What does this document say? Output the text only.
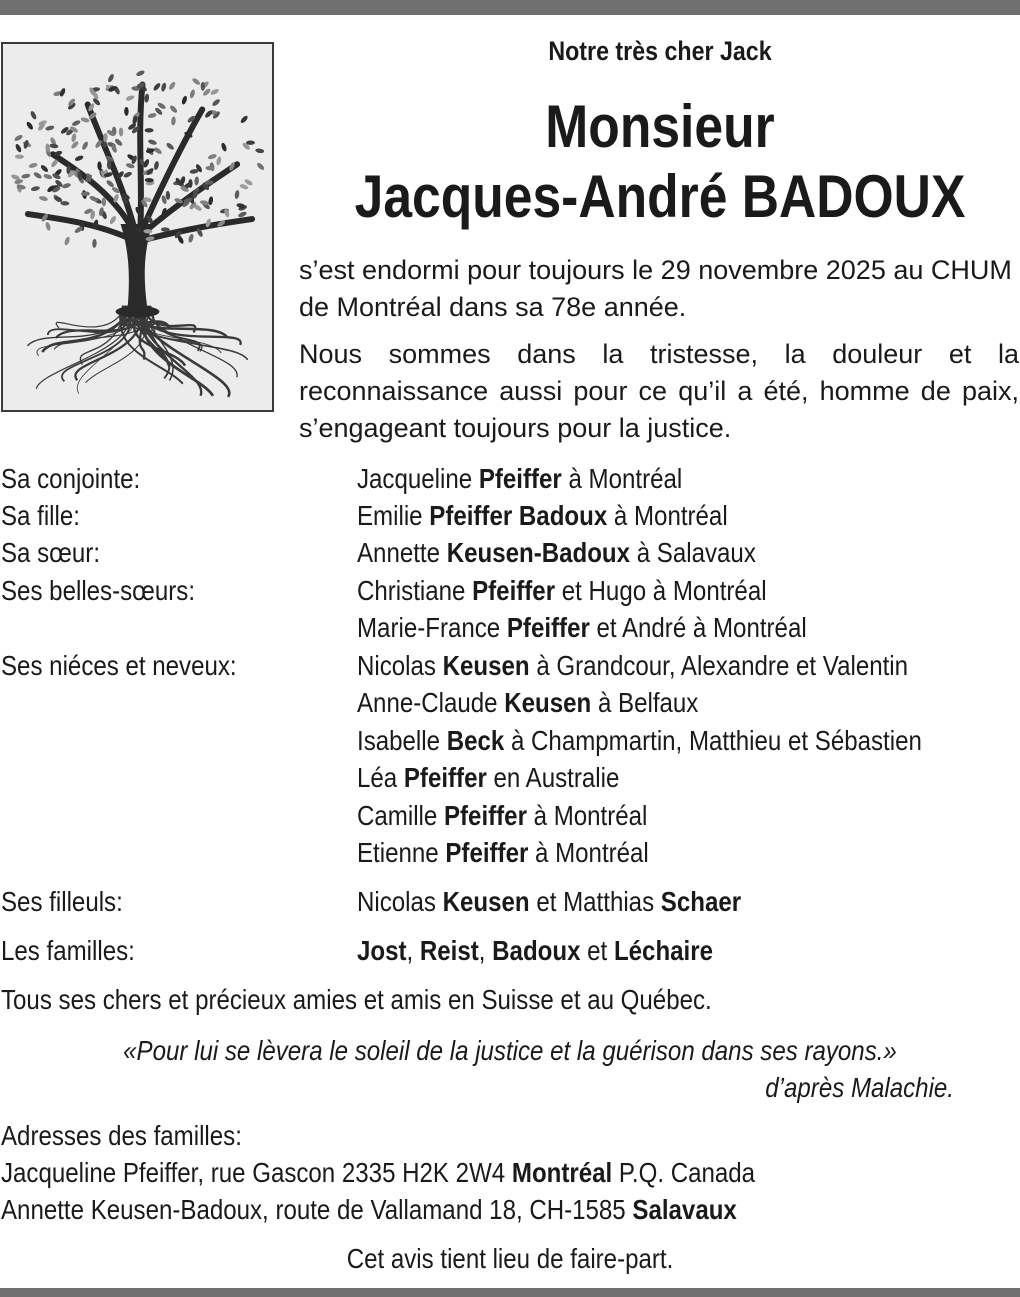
Notre très cher Jack
Monsieur
Jacques-André BADOUX
s’est endormi pour toujours le 29 novembre 2025 au CHUM
de Montréal dans sa 78e année.
Nous sommes dans la tristesse, la douleur et la
reconnaissance aussi pour ce qu’il a été, homme de paix,
s’engageant toujours pour la justice.
Sa conjointe:	Jacqueline Pfeiffer à Montréal
Sa fille:	Emilie Pfeiffer Badoux à Montréal
Sa sœur:	Annette Keusen-Badoux à Salavaux
Ses belles-sœurs:	Christiane Pfeiffer et Hugo à Montréal
Marie-France Pfeiffer et André à Montréal
Ses niéces et neveux:	Nicolas Keusen à Grandcour, Alexandre et Valentin
Anne-Claude Keusen à Belfaux
Isabelle Beck à Champmartin, Matthieu et Sébastien
Léa Pfeiffer en Australie
Camille Pfeiffer à Montréal
Etienne Pfeiffer à Montréal
Ses filleuls:	Nicolas Keusen et Matthias Schaer
Les familles:	Jost, Reist, Badoux et Léchaire
Tous ses chers et précieux amies et amis en Suisse et au Québec.
«Pour lui se lèvera le soleil de la justice et la guérison dans ses rayons.»
d’après Malachie.
Adresses des familles:
Jacqueline Pfeiffer, rue Gascon 2335 H2K 2W4 Montréal P.Q. Canada
Annette Keusen-Badoux, route de Vallamand 18, CH-1585 Salavaux
Cet avis tient lieu de faire-part.
